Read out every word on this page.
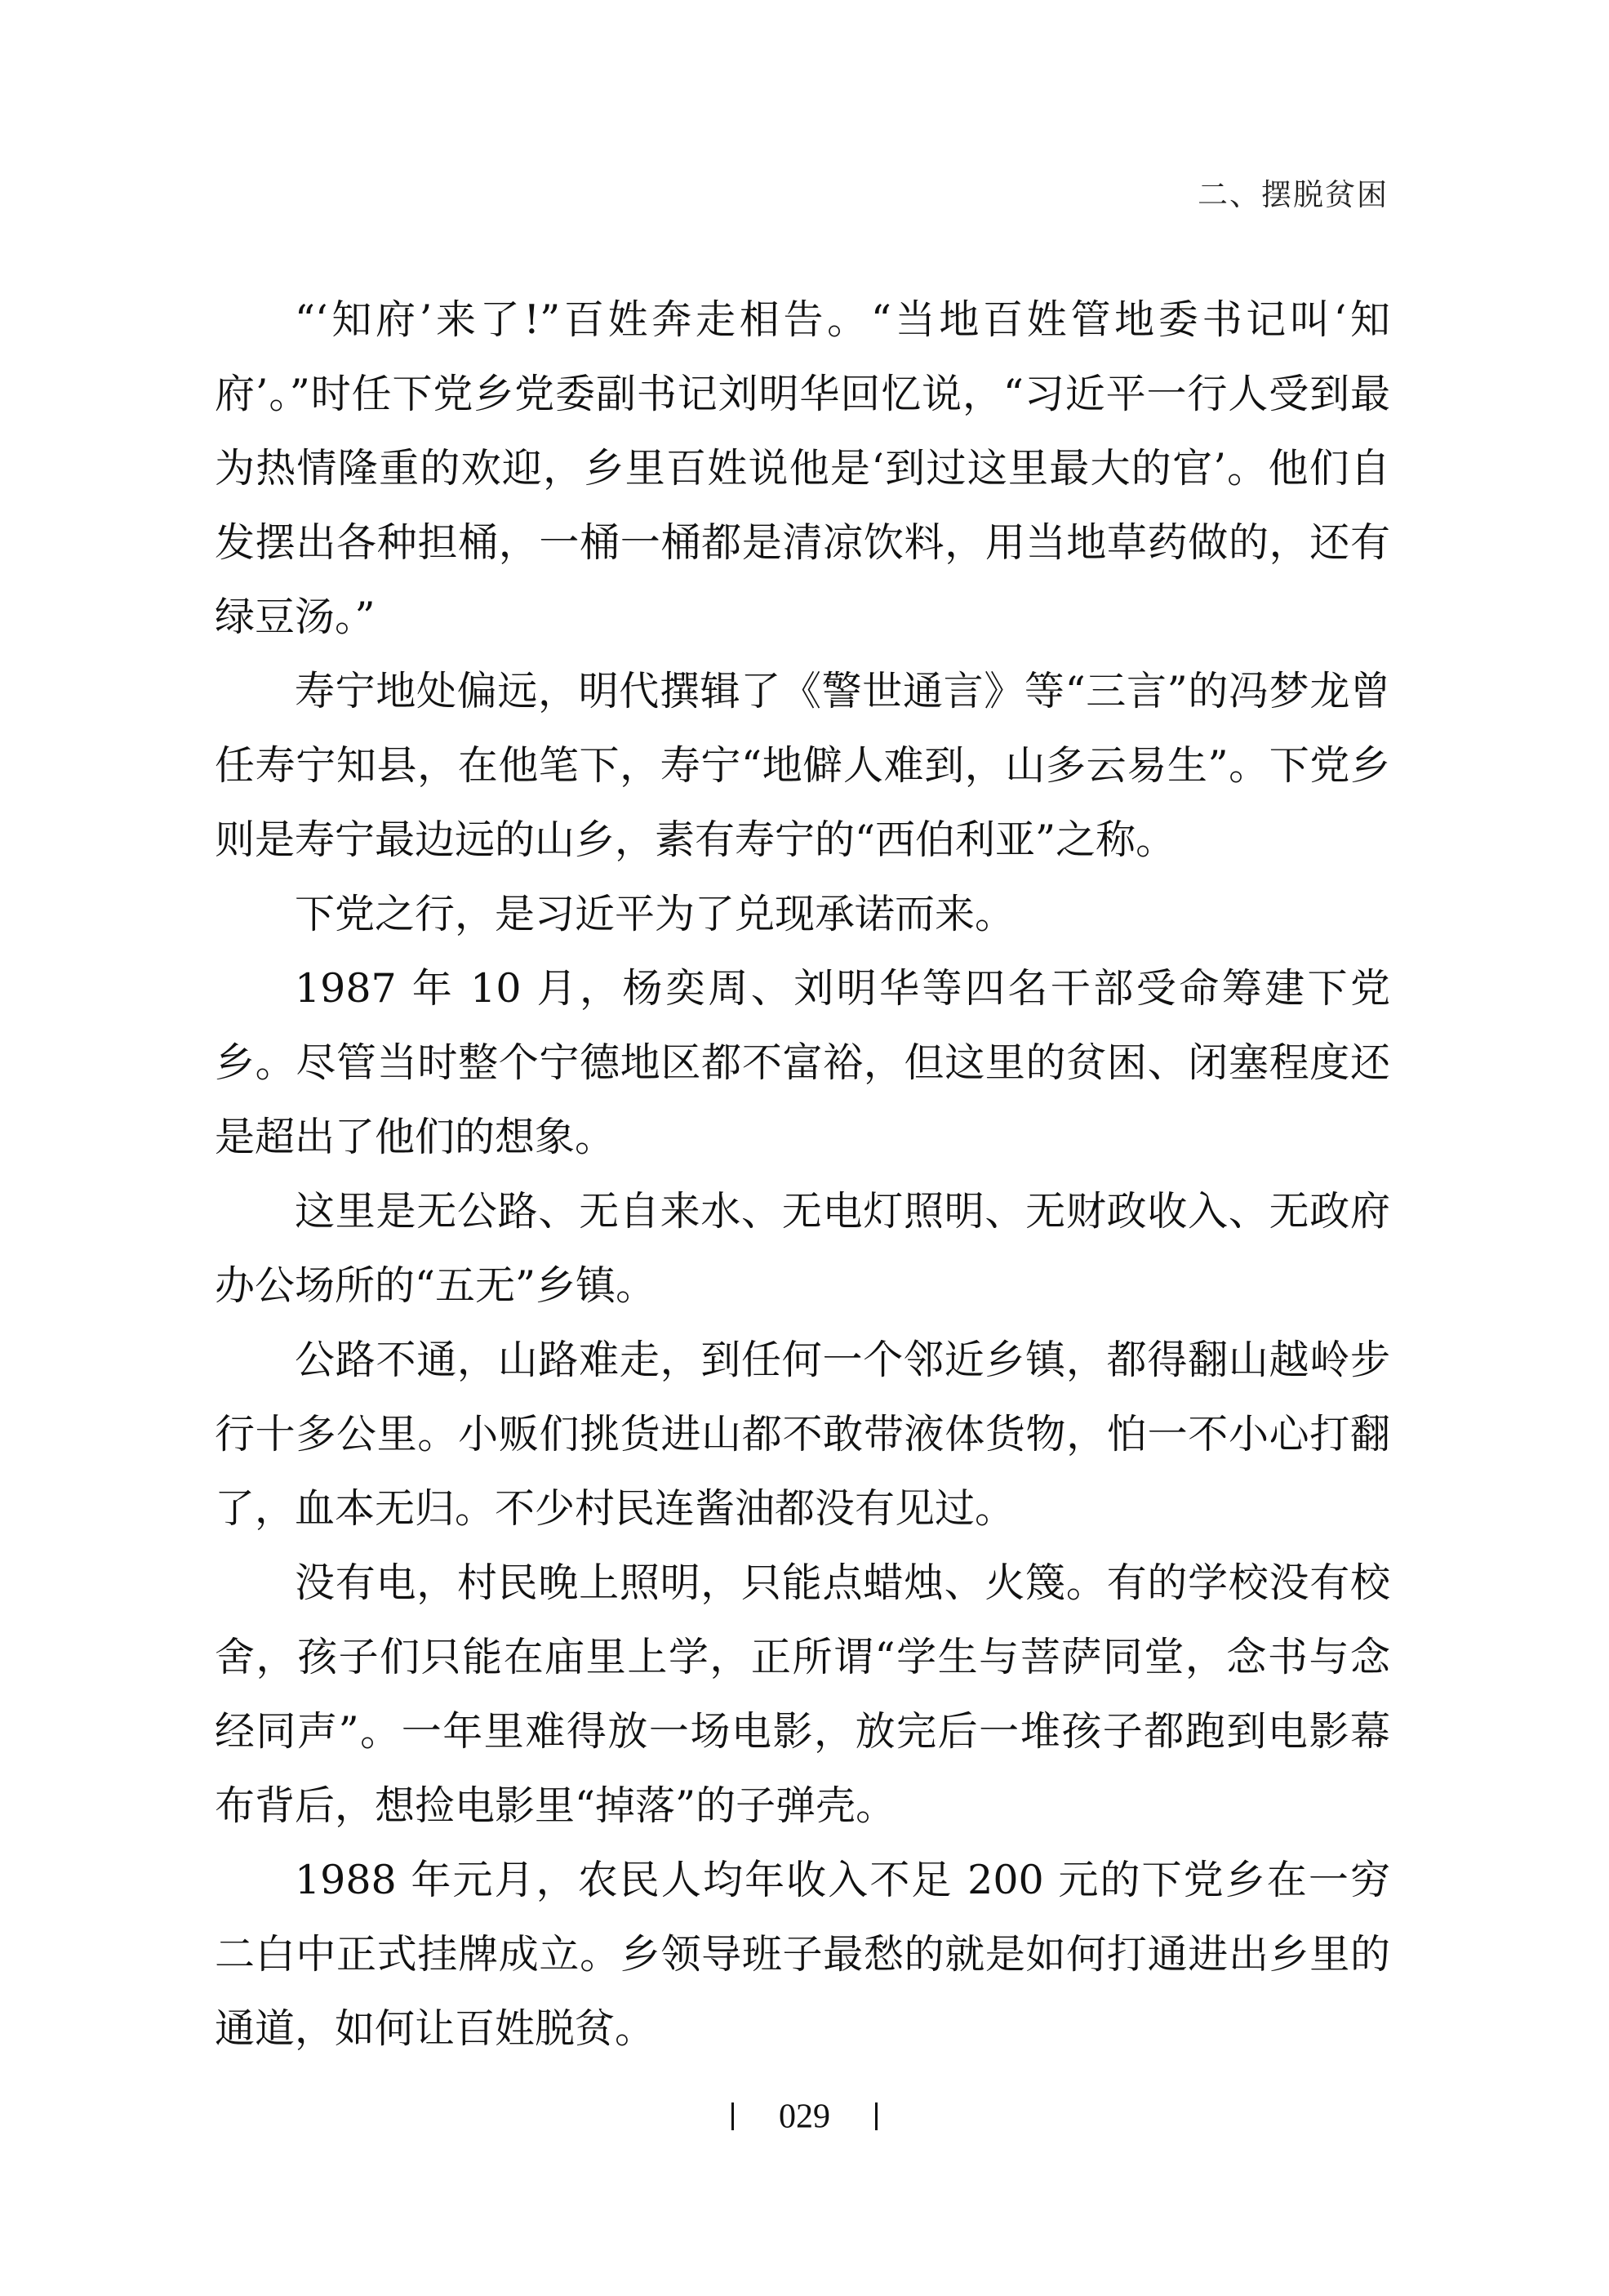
二、摆脱贫困

“‘知府’来了!”百姓奔走相告。“当地百姓管地委书记叫‘知府’。”时任下党乡党委副书记刘明华回忆说，“习近平一行人受到最为热情隆重的欢迎，乡里百姓说他是‘到过这里最大的官’。他们自发摆出各种担桶，一桶一桶都是清凉饮料，用当地草药做的，还有绿豆汤。”

寿宁地处偏远，明代撰辑了《警世通言》等“三言”的冯梦龙曾任寿宁知县，在他笔下，寿宁“地僻人难到，山多云易生”。下党乡则是寿宁最边远的山乡，素有寿宁的“西伯利亚”之称。

下党之行，是习近平为了兑现承诺而来。

1987 年 10 月，杨奕周、刘明华等四名干部受命筹建下党乡。尽管当时整个宁德地区都不富裕，但这里的贫困、闭塞程度还是超出了他们的想象。

这里是无公路、无自来水、无电灯照明、无财政收入、无政府办公场所的“五无”乡镇。

公路不通，山路难走，到任何一个邻近乡镇，都得翻山越岭步行十多公里。小贩们挑货进山都不敢带液体货物，怕一不小心打翻了，血本无归。不少村民连酱油都没有见过。

没有电，村民晚上照明，只能点蜡烛、火篾。有的学校没有校舍，孩子们只能在庙里上学，正所谓“学生与菩萨同堂，念书与念经同声”。一年里难得放一场电影，放完后一堆孩子都跑到电影幕布背后，想捡电影里“掉落”的子弹壳。

1988 年元月，农民人均年收入不足 200 元的下党乡在一穷二白中正式挂牌成立。乡领导班子最愁的就是如何打通进出乡里的通道，如何让百姓脱贫。

029
